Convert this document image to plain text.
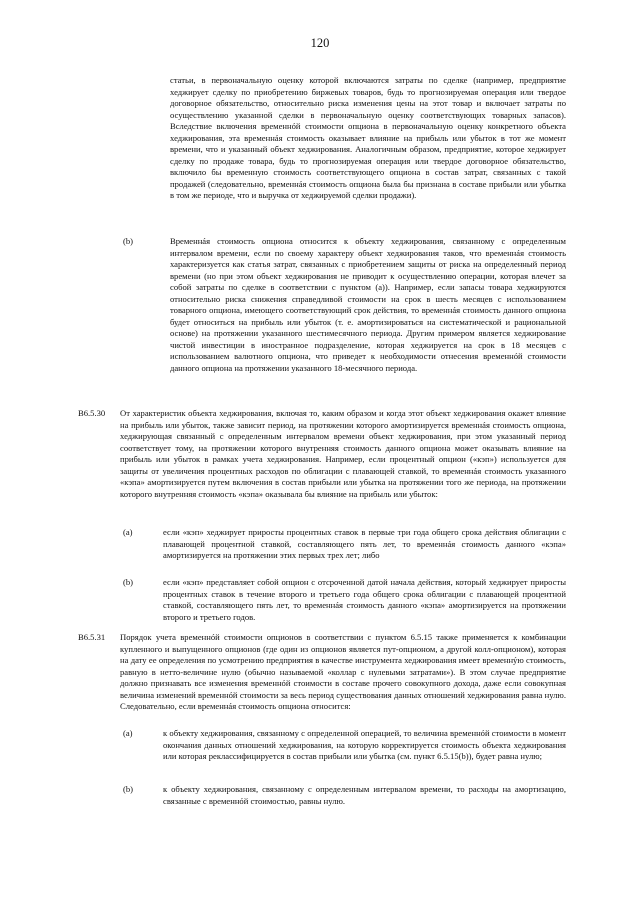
120

статьи, в первоначальную оценку которой включаются затраты по сделке (например, предприятие хеджирует сделку по приобретению биржевых товаров, будь то прогнозируемая операция или твердое договорное обязательство, относительно риска изменения цены на этот товар и включает затраты по осуществлению указанной сделки в первоначальную оценку соответствующих товарных запасов). Вследствие включения временнóй стоимости опциона в первоначальную оценку конкретного объекта хеджирования, эта временнáя стоимость оказывает влияние на прибыль или убыток в тот же момент времени, что и указанный объект хеджирования. Аналогичным образом, предприятие, которое хеджирует сделку по продаже товара, будь то прогнозируемая операция или твердое договорное обязательство, включило бы временную стоимость соответствующего опциона в состав затрат, связанных с такой продажей (следовательно, временнáя стоимость опциона была бы признана в составе прибыли или убытка в том же периоде, что и выручка от хеджируемой сделки продажи).

(b)	Временнáя стоимость опциона относится к объекту хеджирования, связанному с определенным интервалом времени, если по своему характеру объект хеджирования таков, что временнáя стоимость характеризуется как статья затрат, связанных с приобретением защиты от риска на определенный период времени (но при этом объект хеджирования не приводит к осуществлению операции, которая влечет за собой затраты по сделке в соответствии с пунктом (а)). Например, если запасы товара хеджируются относительно риска снижения справедливой стоимости на срок в шесть месяцев с использованием товарного опциона, имеющего соответствующий срок действия, то временнáя стоимость данного опциона будет относиться на прибыль или убыток (т. е. амортизироваться на систематической и рациональной основе) на протяжении указанного шестимесячного периода. Другим примером является хеджирование чистой инвестиции в иностранное подразделение, которая хеджируется на срок в 18 месяцев с использованием валютного опциона, что приведет к необходимости отнесения временнóй стоимости данного опциона на протяжении указанного 18-месячного периода.

B6.5.30 От характеристик объекта хеджирования, включая то, каким образом и когда этот объект хеджирования окажет влияние на прибыль или убыток, также зависит период, на протяжении которого амортизируется временнáя стоимость опциона, хеджирующая связанный с определенным интервалом времени объект хеджирования, при этом указанный период соответствует тому, на протяжении которого внутренняя стоимость данного опциона может оказывать влияние на прибыль или убыток в рамках учета хеджирования. Например, если процентный опцион («кэп») используется для защиты от увеличения процентных расходов по облигации с плавающей ставкой, то временнáя стоимость указанного «кэпа» амортизируется путем включения в состав прибыли или убытка на протяжении того же периода, на протяжении которого внутренняя стоимость «кэпа» оказывала бы влияние на прибыль или убыток:

(a)	если «кэп» хеджирует приросты процентных ставок в первые три года общего срока действия облигации с плавающей процентной ставкой, составляющего пять лет, то временнáя стоимость данного «кэпа» амортизируется на протяжении этих первых трех лет; либо

(b)	если «кэп» представляет собой опцион с отсроченной датой начала действия, который хеджирует приросты процентных ставок в течение второго и третьего года общего срока облигации с плавающей процентной ставкой, составляющего пять лет, то временнáя стоимость данного «кэпа» амортизируется на протяжении второго и третьего годов.

B6.5.31 Порядок учета временнóй стоимости опционов в соответствии с пунктом 6.5.15 также применяется к комбинации купленного и выпущенного опционов (где один из опционов является пут-опционом, а другой колл-опционом), которая на дату ее определения по усмотрению предприятия в качестве инструмента хеджирования имеет временнýю стоимость, равную в нетто-величине нулю (обычно называемой «коллар с нулевыми затратами»). В этом случае предприятие должно признавать все изменения временнóй стоимости в составе прочего совокупного дохода, даже если совокупная величина изменений временнóй стоимости за весь период существования данных отношений хеджирования равна нулю. Следовательно, если временнáя стоимость опциона относится:

(a)	к объекту хеджирования, связанному с определенной операцией, то величина временнóй стоимости в момент окончания данных отношений хеджирования, на которую корректируется стоимость объекта хеджирования или которая реклассифицируется в состав прибыли или убытка (см. пункт 6.5.15(b)), будет равна нулю;

(b)	к объекту хеджирования, связанному с определенным интервалом времени, то расходы на амортизацию, связанные с временнóй стоимостью, равны нулю.
